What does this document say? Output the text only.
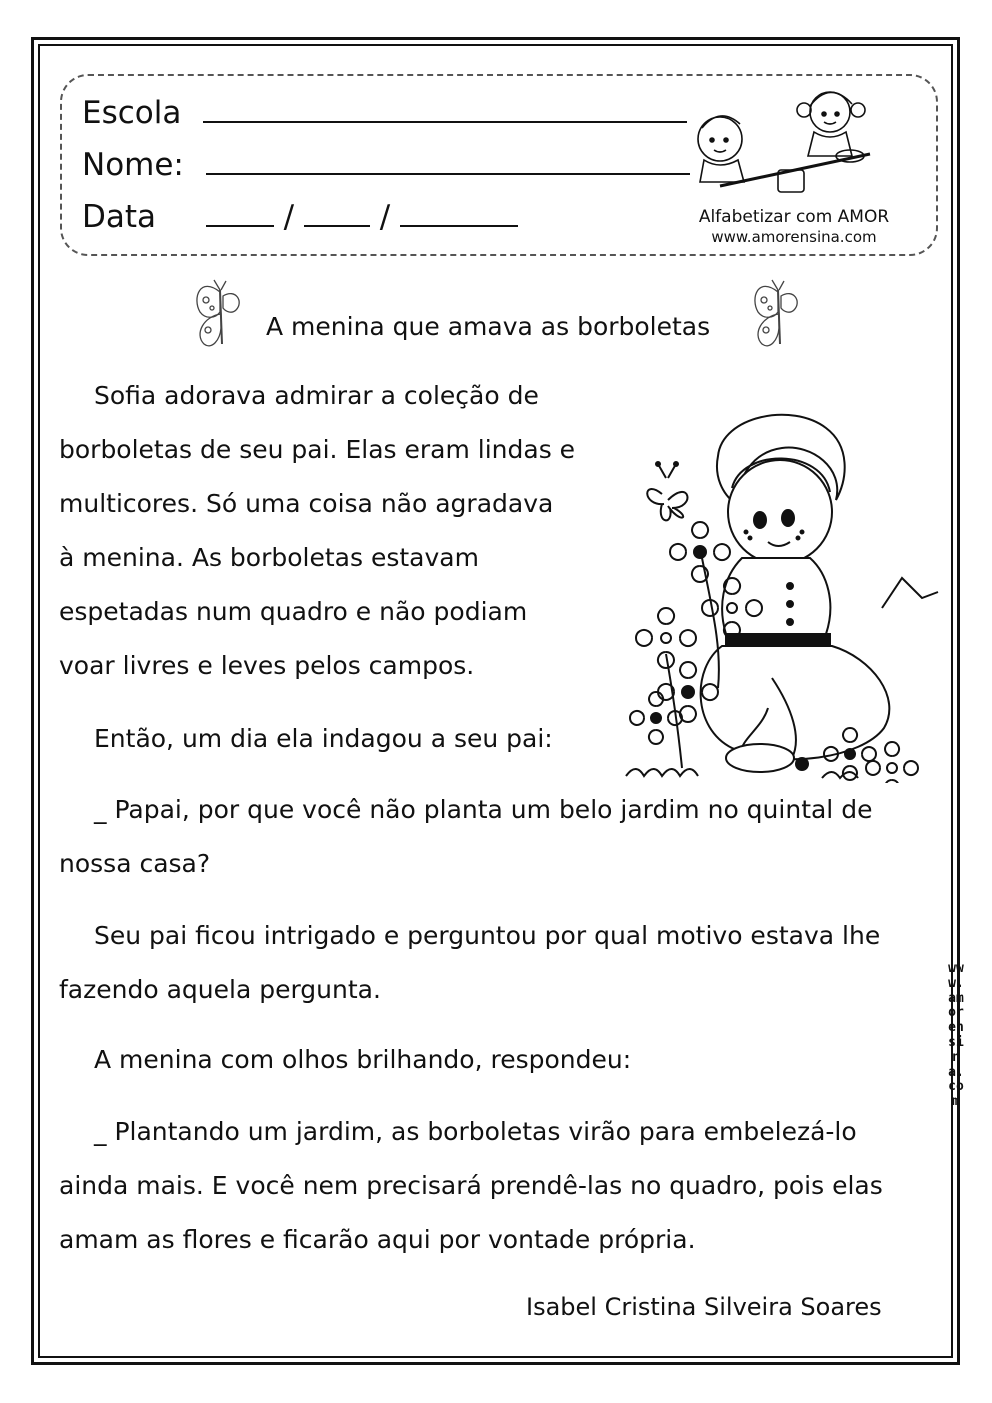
Escola
Nome:
Data	/	/	Alfabetizar com AMOR
www.amorensina.com
A menina que amava as borboletas
Sofia adorava admirar a coleção de
borboletas de seu pai. Elas eram lindas e
multicores. Só uma coisa não agradava
à menina. As borboletas estavam
espetadas num quadro e não podiam
voar livres e leves pelos campos.
Então, um dia ela indagou a seu pai:
_ Papai, por que você não planta um belo jardim no quintal de
nossa casa?
Seu pai ficou intrigado e perguntou por qual motivo estava lhe
fazendo aquela pergunta.
A menina com olhos brilhando, respondeu:
_ Plantando um jardim, as borboletas virão para embelezá-lo
ainda mais. E você nem precisará prendê-las no quadro, pois elas
amam as flores e ficarão aqui por vontade própria.
Isabel Cristina Silveira Soares
www.amorensina.com
